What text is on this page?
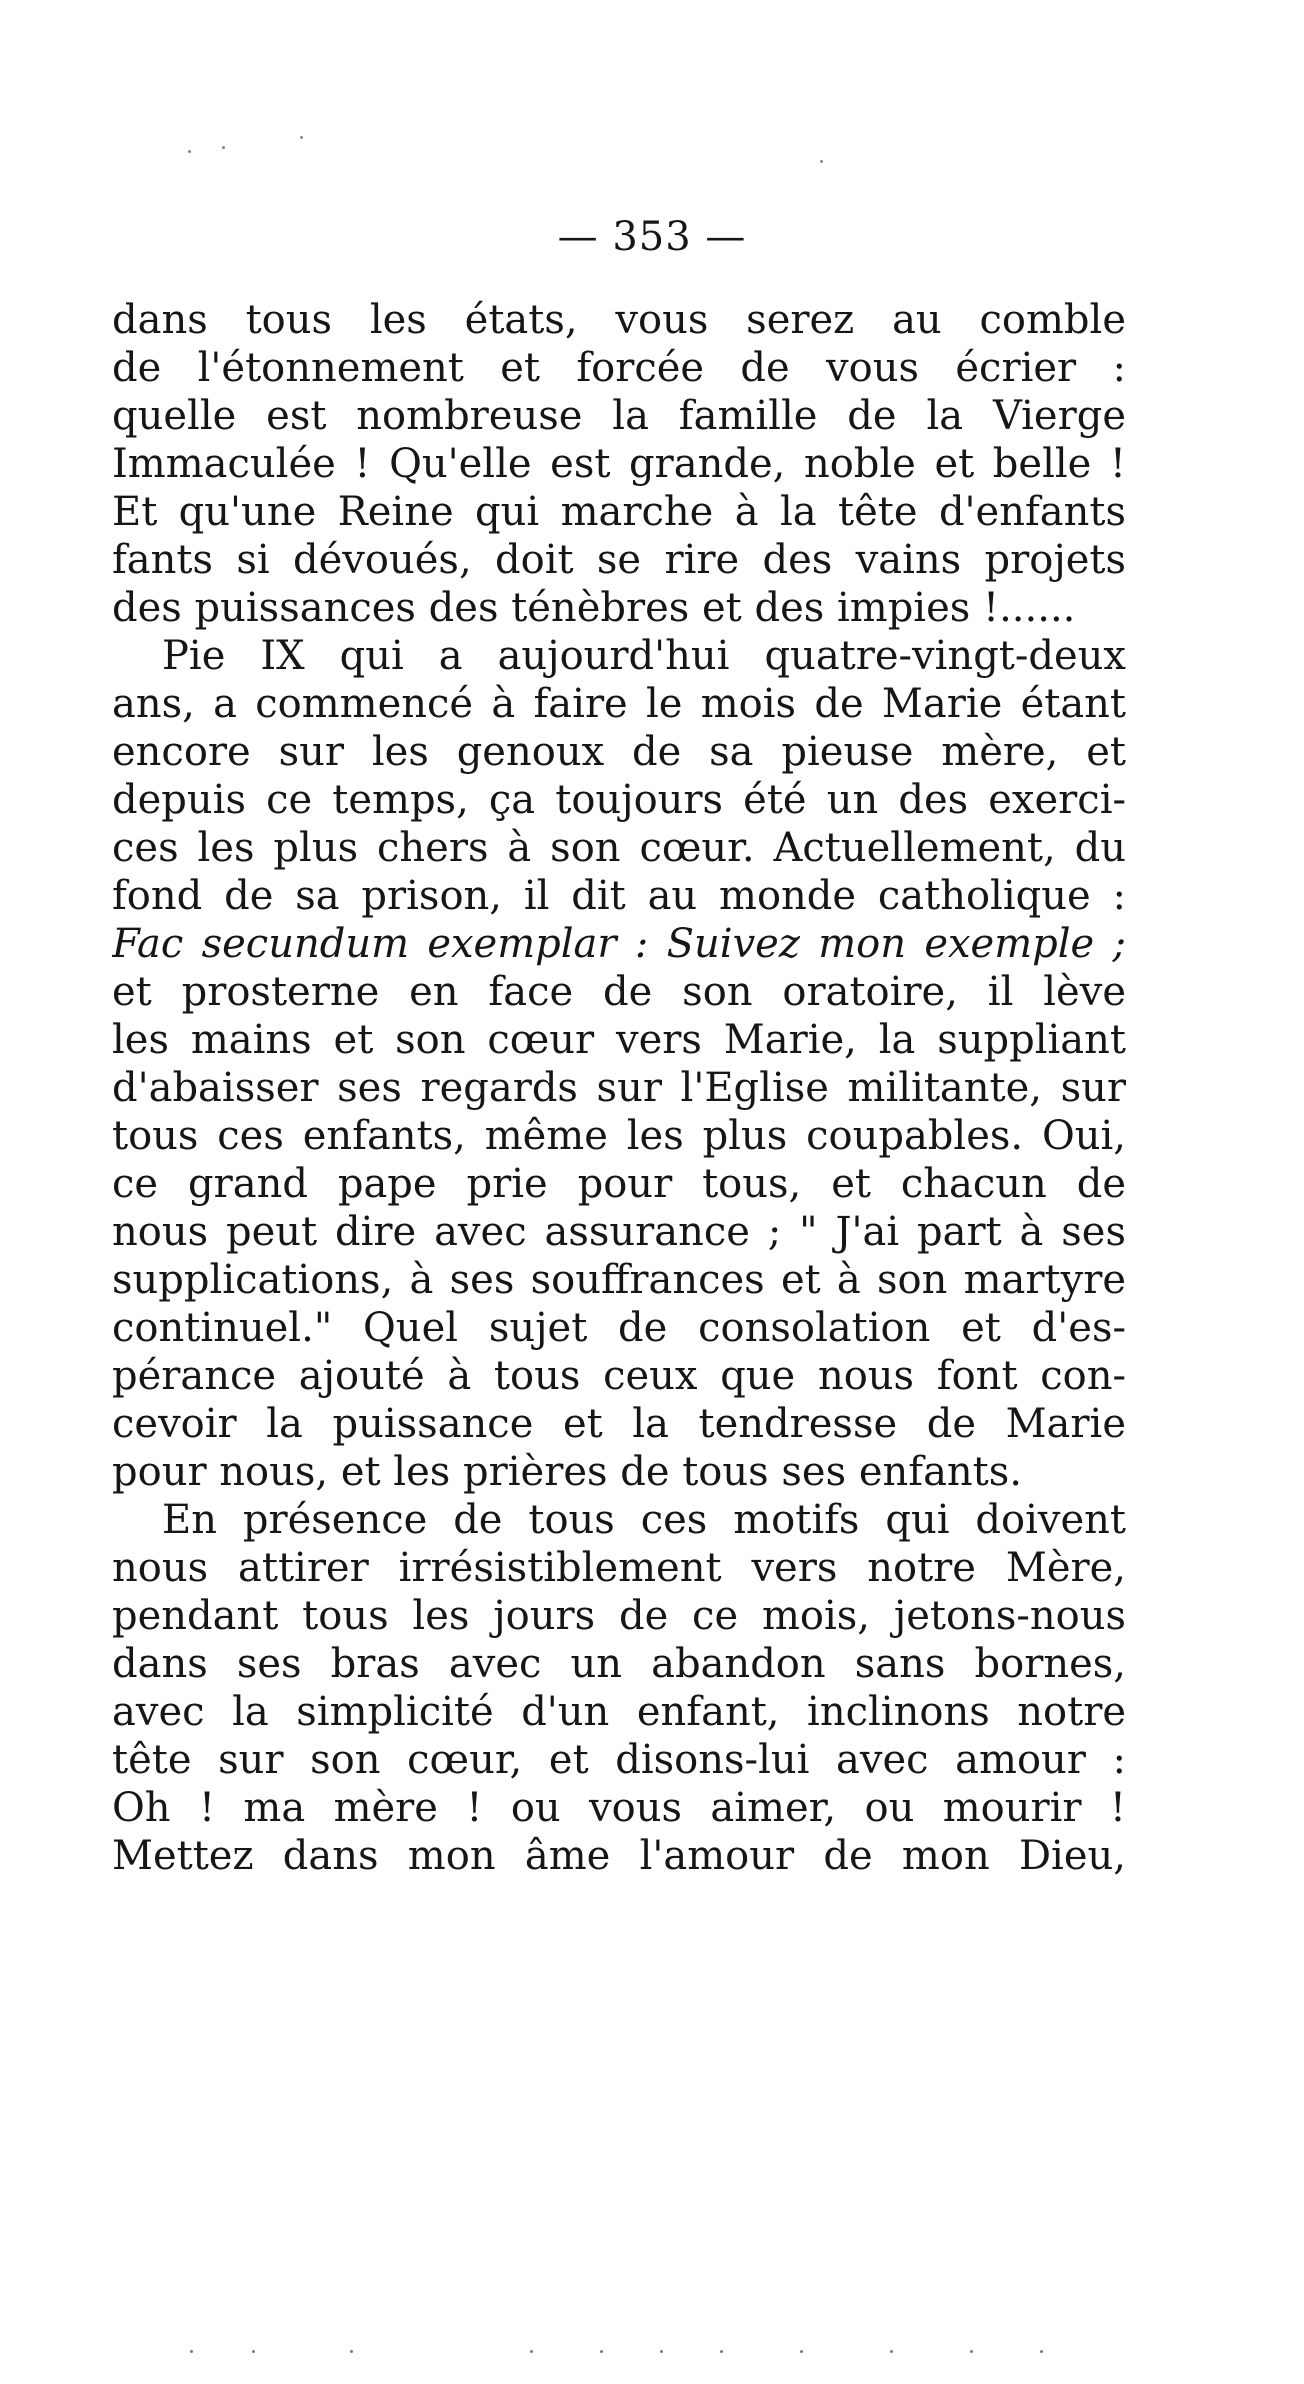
— 353 —
dans tous les états, vous serez au comble
de l'étonnement et forcée de vous écrier :
quelle est nombreuse la famille de la Vierge
Immaculée ! Qu'elle est grande, noble et belle !
Et qu'une Reine qui marche à la tête d'enfants
fants si dévoués, doit se rire des vains projets
des puissances des ténèbres et des impies !......
Pie IX qui a aujourd'hui quatre-vingt-deux
ans, a commencé à faire le mois de Marie étant
encore sur les genoux de sa pieuse mère, et
depuis ce temps, ça toujours été un des exerci-
ces les plus chers à son cœur. Actuellement, du
fond de sa prison, il dit au monde catholique :
Fac secundum exemplar : Suivez mon exemple ;
et prosterne en face de son oratoire, il lève
les mains et son cœur vers Marie, la suppliant
d'abaisser ses regards sur l'Eglise militante, sur
tous ces enfants, même les plus coupables. Oui,
ce grand pape prie pour tous, et chacun de
nous peut dire avec assurance ; " J'ai part à ses
supplications, à ses souffrances et à son martyre
continuel." Quel sujet de consolation et d'es-
pérance ajouté à tous ceux que nous font con-
cevoir la puissance et la tendresse de Marie
pour nous, et les prières de tous ses enfants.
En présence de tous ces motifs qui doivent
nous attirer irrésistiblement vers notre Mère,
pendant tous les jours de ce mois, jetons-nous
dans ses bras avec un abandon sans bornes,
avec la simplicité d'un enfant, inclinons notre
tête sur son cœur, et disons-lui avec amour :
Oh ! ma mère ! ou vous aimer, ou mourir !
Mettez dans mon âme l'amour de mon Dieu,
